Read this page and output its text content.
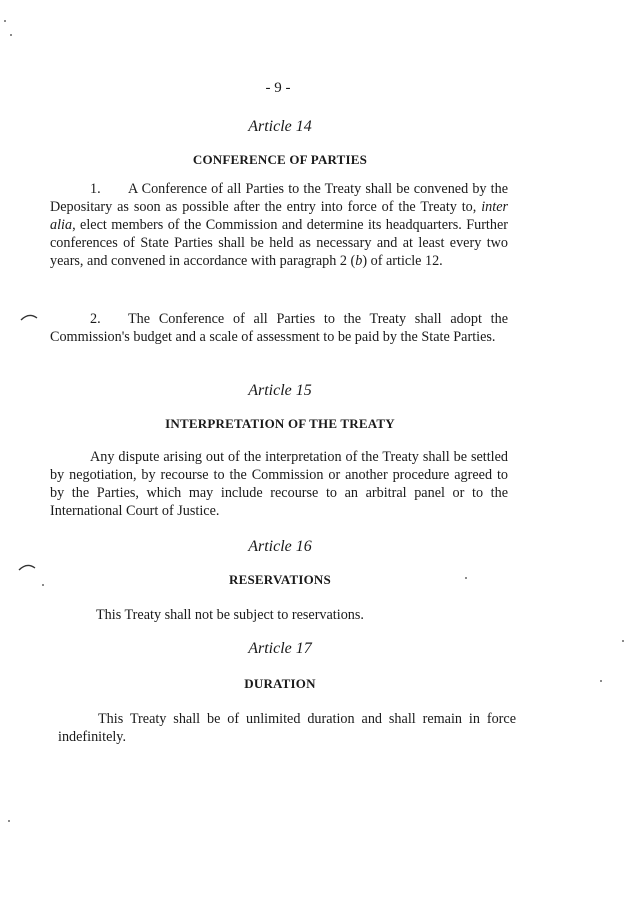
- 9 -
Article 14
CONFERENCE OF PARTIES

1. A Conference of all Parties to the Treaty shall be convened by the Depositary as soon as possible after the entry into force of the Treaty to, inter alia, elect members of the Commission and determine its headquarters. Further conferences of State Parties shall be held as necessary and at least every two years, and convened in accordance with paragraph 2 (b) of article 12.

2. The Conference of all Parties to the Treaty shall adopt the Commission's budget and a scale of assessment to be paid by the State Parties.

Article 15
INTERPRETATION OF THE TREATY

Any dispute arising out of the interpretation of the Treaty shall be settled by negotiation, by recourse to the Commission or another procedure agreed to by the Parties, which may include recourse to an arbitral panel or to the International Court of Justice.

Article 16
RESERVATIONS

This Treaty shall not be subject to reservations.

Article 17
DURATION

This Treaty shall be of unlimited duration and shall remain in force indefinitely.
